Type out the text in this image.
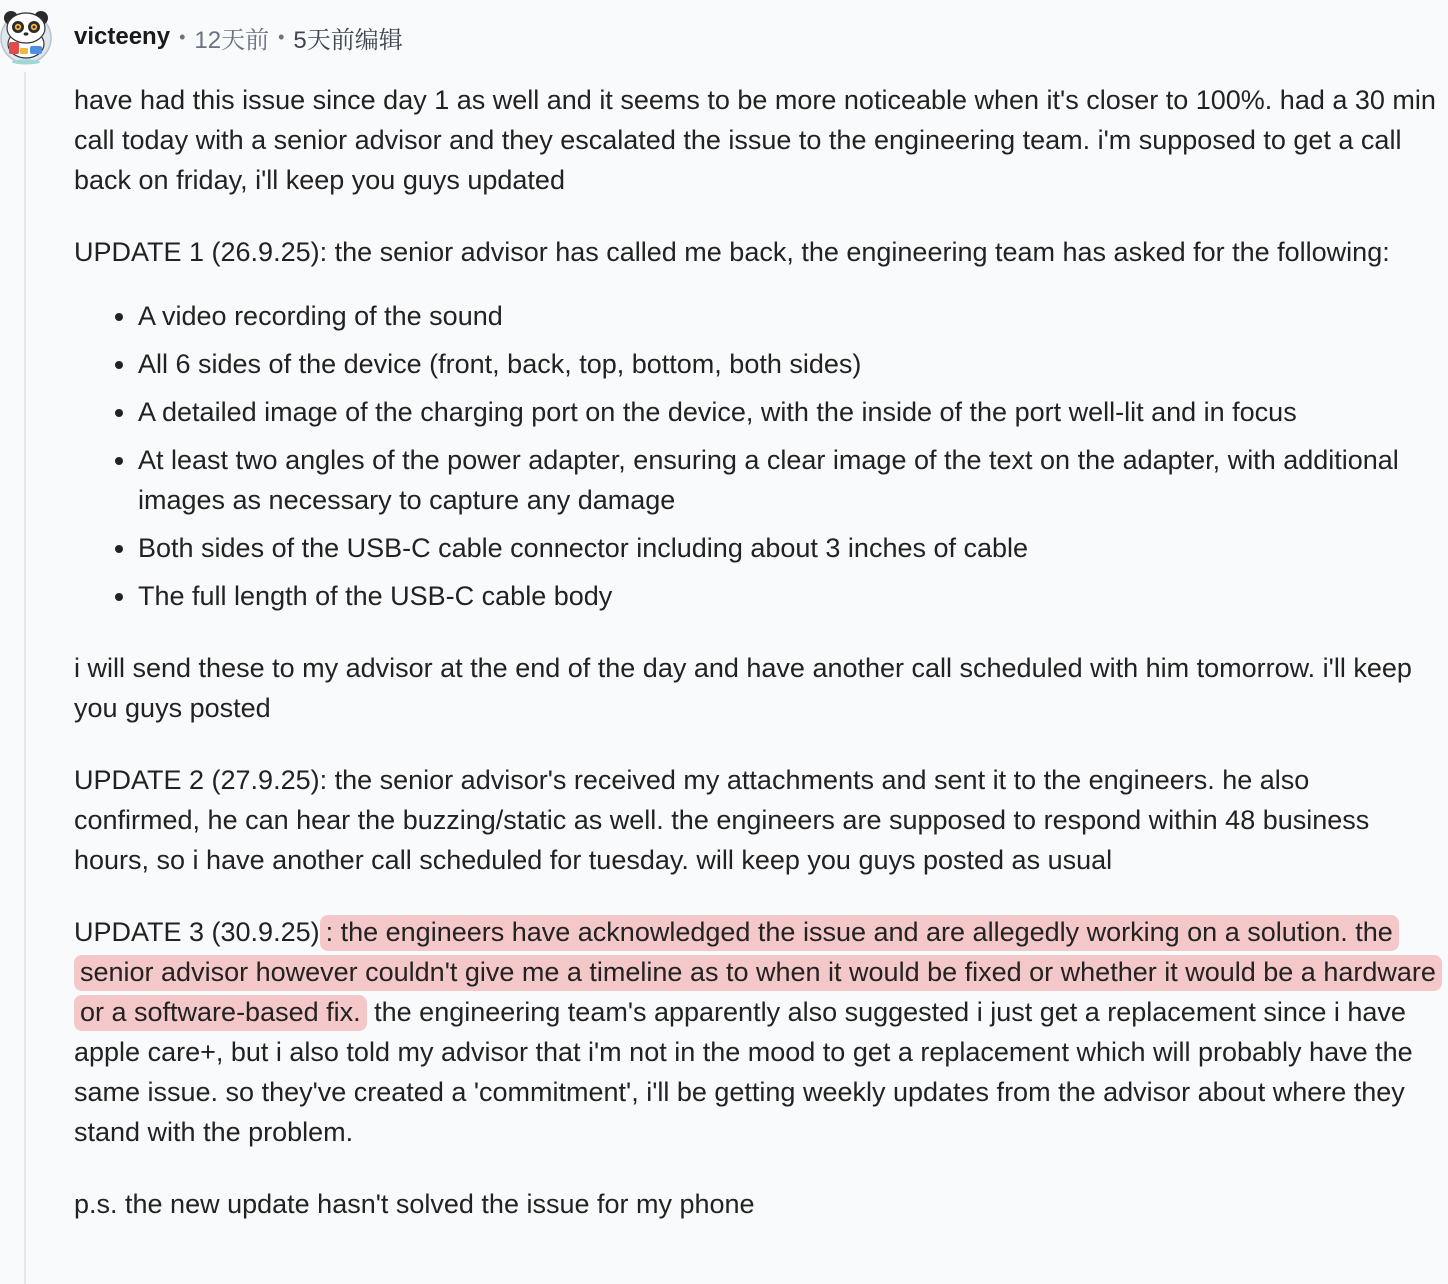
victeeny • 12天前 • 5天前编辑

have had this issue since day 1 as well and it seems to be more noticeable when it's closer to 100%. had a 30 min call today with a senior advisor and they escalated the issue to the engineering team. i'm supposed to get a call back on friday, i'll keep you guys updated

UPDATE 1 (26.9.25): the senior advisor has called me back, the engineering team has asked for the following:

• A video recording of the sound
• All 6 sides of the device (front, back, top, bottom, both sides)
• A detailed image of the charging port on the device, with the inside of the port well-lit and in focus
• At least two angles of the power adapter, ensuring a clear image of the text on the adapter, with additional images as necessary to capture any damage
• Both sides of the USB-C cable connector including about 3 inches of cable
• The full length of the USB-C cable body

i will send these to my advisor at the end of the day and have another call scheduled with him tomorrow. i'll keep you guys posted

UPDATE 2 (27.9.25): the senior advisor's received my attachments and sent it to the engineers. he also confirmed, he can hear the buzzing/static as well. the engineers are supposed to respond within 48 business hours, so i have another call scheduled for tuesday. will keep you guys posted as usual

UPDATE 3 (30.9.25) : the engineers have acknowledged the issue and are allegedly working on a solution. the senior advisor however couldn't give me a timeline as to when it would be fixed or whether it would be a hardware or a software-based fix. the engineering team's apparently also suggested i just get a replacement since i have apple care+, but i also told my advisor that i'm not in the mood to get a replacement which will probably have the same issue. so they've created a 'commitment', i'll be getting weekly updates from the advisor about where they stand with the problem.

p.s. the new update hasn't solved the issue for my phone
